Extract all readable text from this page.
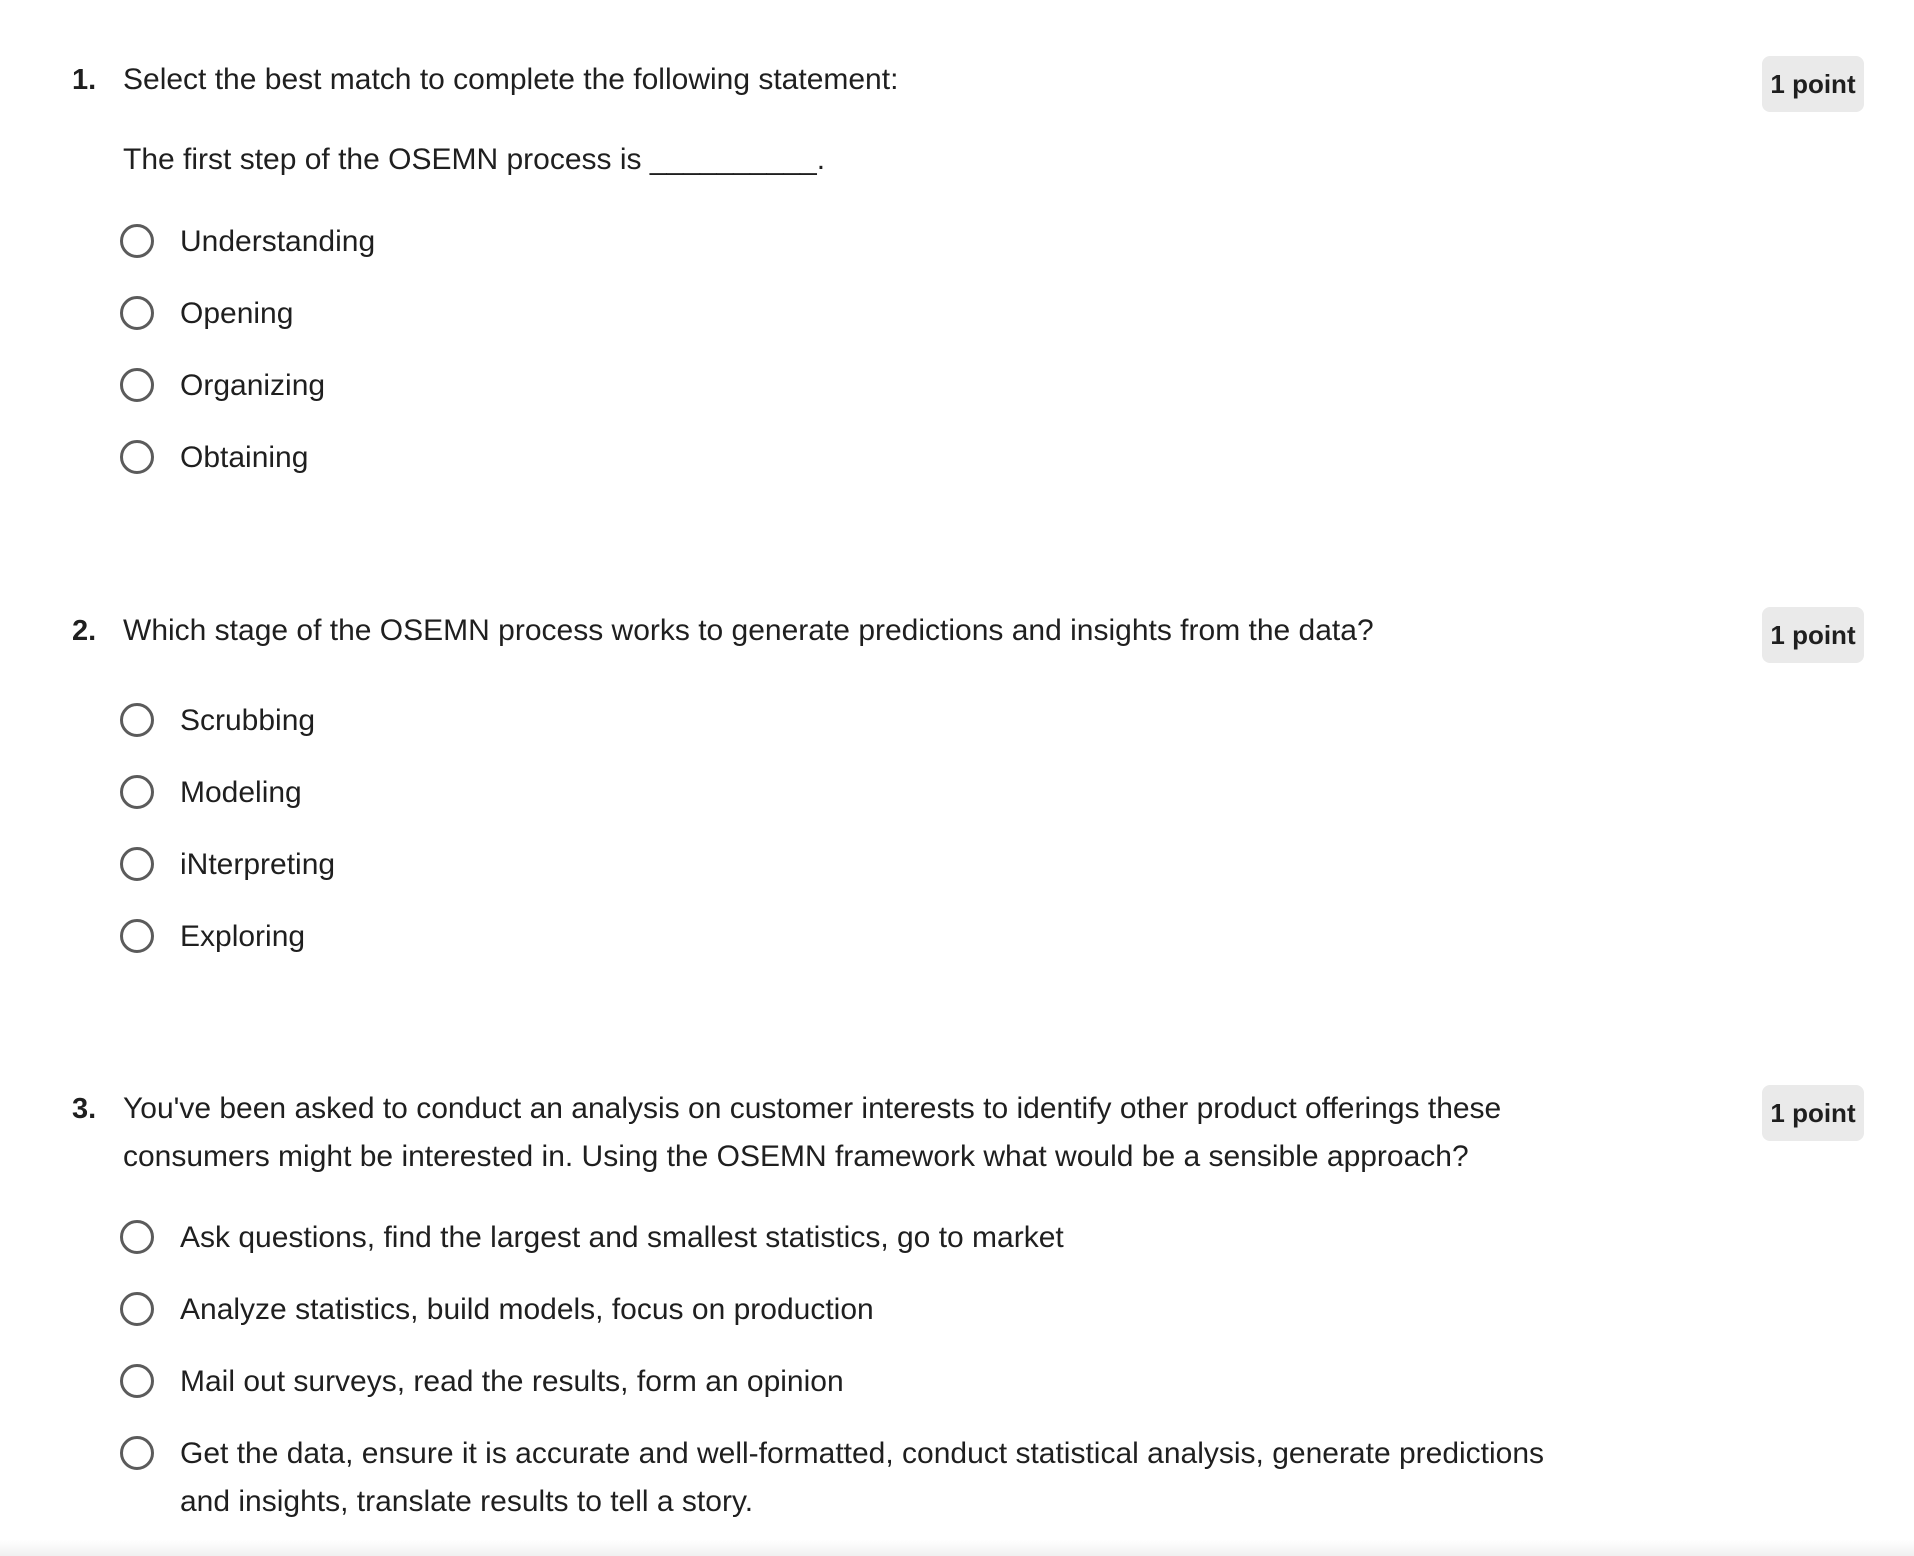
1. Select the best match to complete the following statement:	1 point
The first step of the OSEMN process is __________.
Understanding
Opening
Organizing
Obtaining
2. Which stage of the OSEMN process works to generate predictions and insights from the data?	1 point
Scrubbing
Modeling
iNterpreting
Exploring
3. You've been asked to conduct an analysis on customer interests to identify other product offerings these consumers might be interested in. Using the OSEMN framework what would be a sensible approach?
1 point
Ask questions, find the largest and smallest statistics, go to market
Analyze statistics, build models, focus on production
Mail out surveys, read the results, form an opinion
Get the data, ensure it is accurate and well-formatted, conduct statistical analysis, generate predictions and insights, translate results to tell a story.
